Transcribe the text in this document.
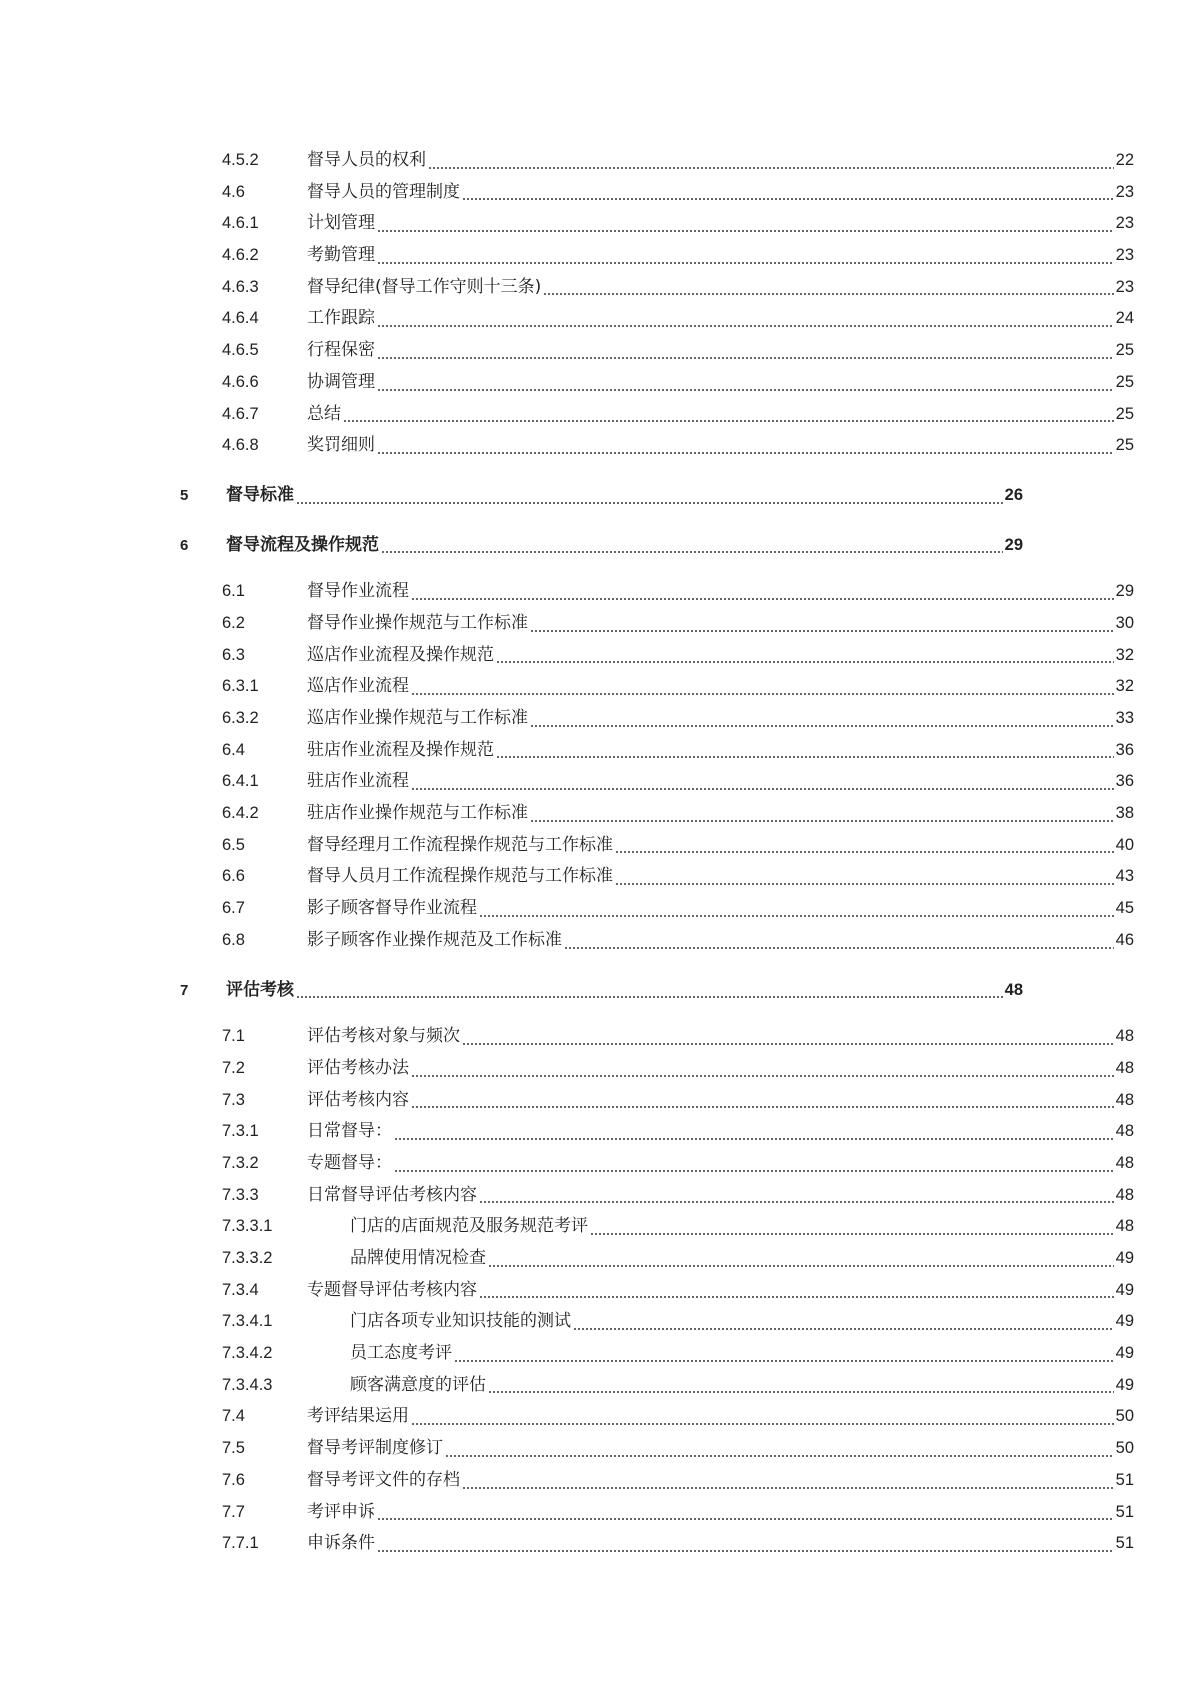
4.5.2	督导人员的权利	22
4.6	督导人员的管理制度	23
4.6.1	计划管理	23
4.6.2	考勤管理	23
4.6.3	督导纪律(督导工作守则十三条)	23
4.6.4	工作跟踪	24
4.6.5	行程保密	25
4.6.6	协调管理	25
4.6.7	总结	25
4.6.8	奖罚细则	25
5	督导标准	26
6	督导流程及操作规范	29
6.1	督导作业流程	29
6.2	督导作业操作规范与工作标准	30
6.3	巡店作业流程及操作规范	32
6.3.1	巡店作业流程	32
6.3.2	巡店作业操作规范与工作标准	33
6.4	驻店作业流程及操作规范	36
6.4.1	驻店作业流程	36
6.4.2	驻店作业操作规范与工作标准	38
6.5	督导经理月工作流程操作规范与工作标准	40
6.6	督导人员月工作流程操作规范与工作标准	43
6.7	影子顾客督导作业流程	45
6.8	影子顾客作业操作规范及工作标准	46
7	评估考核	48
7.1	评估考核对象与频次	48
7.2	评估考核办法	48
7.3	评估考核内容	48
7.3.1	日常督导：	48
7.3.2	专题督导：	48
7.3.3	日常督导评估考核内容	48
7.3.3.1	门店的店面规范及服务规范考评	48
7.3.3.2	品牌使用情况检查	49
7.3.4	专题督导评估考核内容	49
7.3.4.1	门店各项专业知识技能的测试	49
7.3.4.2	员工态度考评	49
7.3.4.3	顾客满意度的评估	49
7.4	考评结果运用	50
7.5	督导考评制度修订	50
7.6	督导考评文件的存档	51
7.7	考评申诉	51
7.7.1	申诉条件	51
